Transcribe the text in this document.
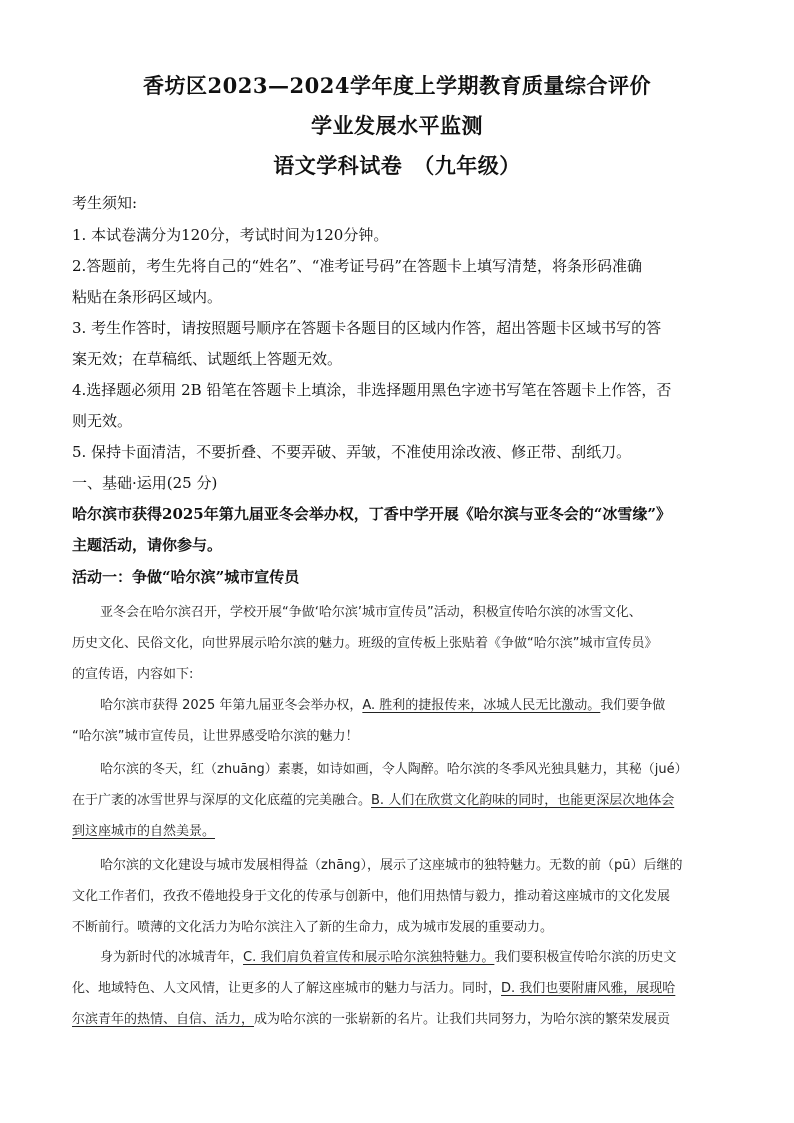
香坊区2023—2024学年度上学期教育质量综合评价
学业发展水平监测
语文学科试卷　（九年级）
考生须知:
1. 本试卷满分为120分，考试时间为120分钟。
2.答题前，考生先将自己的“姓名”、“准考证号码”在答题卡上填写清楚，将条形码准确
粘贴在条形码区域内。
3. 考生作答时，请按照题号顺序在答题卡各题目的区域内作答，超出答题卡区域书写的答
案无效；在草稿纸、试题纸上答题无效。
4.选择题必须用 2B 铅笔在答题卡上填涂，非选择题用黑色字迹书写笔在答题卡上作答，否
则无效。
5. 保持卡面清洁，不要折叠、不要弄破、弄皱，不准使用涂改液、修正带、刮纸刀。
一、基础·运用(25 分)
哈尔滨市获得2025年第九届亚冬会举办权，丁香中学开展《哈尔滨与亚冬会的“冰雪缘”》
主题活动，请你参与。
活动一：争做“哈尔滨”城市宣传员
亚冬会在哈尔滨召开，学校开展“争做‘哈尔滨’城市宣传员”活动，积极宣传哈尔滨的冰雪文化、
历史文化、民俗文化，向世界展示哈尔滨的魅力。班级的宣传板上张贴着《争做“哈尔滨”城市宣传员》
的宣传语，内容如下:
哈尔滨市获得 2025 年第九届亚冬会举办权，A. 胜利的捷报传来，冰城人民无比激动。我们要争做
“哈尔滨”城市宣传员，让世界感受哈尔滨的魅力！
哈尔滨的冬天，红（zhuāng）素裹，如诗如画，令人陶醉。哈尔滨的冬季风光独具魅力，其秘（jué）
在于广袤的冰雪世界与深厚的文化底蕴的完美融合。B. 人们在欣赏文化韵味的同时，也能更深层次地体会
到这座城市的自然美景。
哈尔滨的文化建设与城市发展相得益（zhāng），展示了这座城市的独特魅力。无数的前（pū）后继的
文化工作者们，孜孜不倦地投身于文化的传承与创新中，他们用热情与毅力，推动着这座城市的文化发展
不断前行。喷薄的文化活力为哈尔滨注入了新的生命力，成为城市发展的重要动力。
身为新时代的冰城青年，C. 我们肩负着宣传和展示哈尔滨独特魅力。我们要积极宣传哈尔滨的历史文
化、地域特色、人文风情，让更多的人了解这座城市的魅力与活力。同时，D. 我们也要附庸风雅，展现哈
尔滨青年的热情、自信、活力，成为哈尔滨的一张崭新的名片。让我们共同努力，为哈尔滨的繁荣发展贡
